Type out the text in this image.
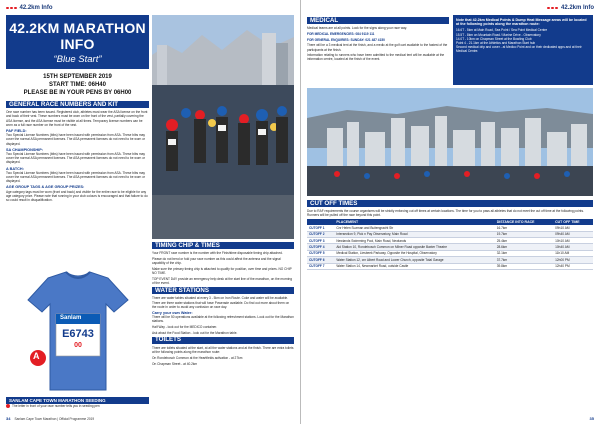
42.2km Info
42.2KM MARATHON INFO
“Blue Start”
15TH SEPTEMBER 2019
START TIME: 06H40
PLEASE BE IN YOUR PENS BY 06H00
GENERAL RACE NUMBERS AND KIT

One race number has been issued. Registered club, athletes must wear the ASA license on the front and back of their vest. These numbers must be worn on the front of the vest, partially covering the ASA license, and the ASA license must be visible at all times. Temporary license numbers can be worn as a full race number on the front of the vest.

PAF FIELD:

Two Special License Numbers (bibs) have been issued with permission from ASA. These bibs may cover the normal ASA permanent licenses. The ASA permanent licenses do not need to be worn or displayed.

SA CHAMPIONSHIP:

Two Special License Numbers (bibs) have been issued with permission from ASA. These bibs may cover the normal ASA permanent licenses. The ASA permanent licenses do not need to be worn or displayed.

A BATCH:

Two Special License Numbers (bibs) have been issued with permission from ASA. These bibs may cover the normal ASA permanent licenses. The ASA permanent licenses do not need to be worn or displayed.

AGE GROUP TAGS & AGE GROUP PRIZES:

Age category tags must be worn (front and back) and visible for the entire race to be eligible for any age category prize. Please note that running in your club colours is encouraged and that failure to do so could result in disqualification.

Sanlam
E6743
00
A
SANLAM CAPE TOWN MARATHON SEEDING

The letter in front of your race number tells you in seeding pen

TIMING CHIP & TIMES

Your FRONT race number is the number with the Finishtime disposable timing chip attached.

Please do not bend or fold your race number as this could affect the antenna and the signal capability of the chip.

Make sure the primary timing chip is attached to qualify for position, over time and prizes. NO CHIP NO TIME.

TOP EVENT DAY provide an emergency help desk at the start line of the marathon, on the morning of the event.

WATER STATIONS

There are water tables situated at every 3 - 5km on Iron Route. Coke and water will be available. There are three water stations that will have Powerade available. Do find out more about them on the route in order to avoid any confusion on race day.

Carry your own Water:

There will be 50 operations available at the following refreshment stations. Look out for the Marathon stations.

Half Way - look out for the MEDICO container.

Ask about the Food Station - look out for the Marathon table.

TOILETS

There are toilets situated at the start, at all the water stations and at the finish. There are extra toilets at the following points along the marathon route:

On Rondebosch Common at the Heartfields activation - at 27km

On Chapman Street - at 40.2km

34 Sanlam Cape Town Marathon | Official Programme 2019
42.2km Info
MEDICAL

Medical teams are at all points. Look for the signs along your race way.

FOR MEDICAL EMERGENCIES: 084 9119 111

FOR GENERAL ENQUIRIES: SUNDAY: 021 487 4150

There will be a 3 medical tent at the finish, and a medic at the golf cart available to the fastest of the participants at the finish.

Information relating to runners who have been admitted to the medical tent will be available at the information centre, located at the finish of the event.

Note that 42.2km Medical Points & Dump Heat Message areas will be located at the following points along the marathon route:

16.6T - 5km at Main Road, Sea Point / Sea Point Medical Centre
15.5T - 8km on Mountain Road / Marine Drive - Observatory
14.0T - 10km on Chapman Street at the Bowling Club
Point 4 - 21.1km at the Athletics and Marathon Start hub
Second medical drip and cover - at Medico Point and on their dedicated apps and at their Medical Centre.
CUT OFF TIMES

Due to RAF requirements the course organisers will be strictly enforcing cut off times at certain locations. The time for you to pass all athletes that do not meet the cut off time at the following points. Runners will be pulled off the race beyond this point.

	PLACEMENT	DISTANCE INTO RACE	CUT OFF TIME
CUTOFF 1	Cnr Helen Suzman and Buitengracht Str	16.7km	09h10 AM
CUTOFF 2	Intersection 9, Pick n Pay Observatory, Main Road	19.7km	09h40 AM
CUTOFF 3	Newlands Swimming Pool, Main Road, Newlands	25.4km	10h10 AM
CUTOFF 4	Aid Station 10, Rondebosch Common on Milner Road opposite Baxter Theatre	28.6km	10h40 AM
CUTOFF 5	Medical Station, Liesbeek Parkway, Opposite the Hospital, Observatory	32.1km	11h10 AM
CUTOFF 6	Water Station 12, cnr Albert Road and Lower Church, opposite Total Garage	37.7km	12h00 PM
CUTOFF 7	Water Station 14, Newmarket Road, outside Castle	39.8km	12h40 PM
35
